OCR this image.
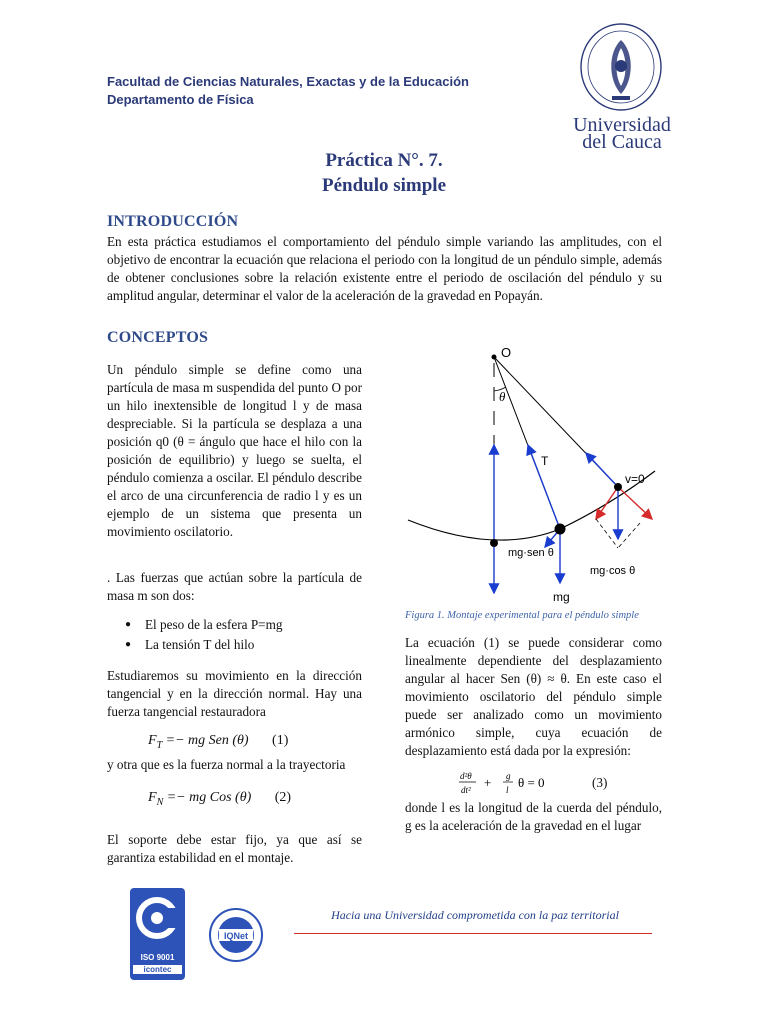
Facultad de Ciencias Naturales, Exactas y de la Educación
Departamento de Física
Universidad
del Cauca
Práctica N°. 7.
Péndulo simple
INTRODUCCIÓN
En esta práctica estudiamos el comportamiento del péndulo simple variando las amplitudes, con el objetivo de encontrar la ecuación que relaciona el periodo con la longitud de un péndulo simple, además de obtener conclusiones sobre la relación existente entre el periodo de oscilación del péndulo y su amplitud angular, determinar el valor de la aceleración de la gravedad en Popayán.
CONCEPTOS
Un péndulo simple se define como una partícula de masa m suspendida del punto O por un hilo inextensible de longitud l y de masa despreciable. Si la partícula se desplaza a una posición q0 (θ = ángulo que hace el hilo con la posición de equilibrio) y luego se suelta, el péndulo comienza a oscilar. El péndulo describe el arco de una circunferencia de radio l y es un ejemplo de un sistema que presenta un movimiento oscilatorio.
. Las fuerzas que actúan sobre la partícula de masa m son dos:
● El peso de la esfera P=mg
● La tensión T del hilo
Estudiaremos su movimiento en la dirección tangencial y en la dirección normal. Hay una fuerza tangencial restauradora
$F_T$ =− mg Sen (θ) (1)
y otra que es la fuerza normal a la trayectoria
$F_N$ =− mg Cos (θ) (2)
El soporte debe estar fijo, ya que así se garantiza estabilidad en el montaje.
O
θ
T
v=0
mg·sen θ
mg
mg·cos θ
Figura 1. Montaje experimental para el péndulo simple
La ecuación (1) se puede considerar como linealmente dependiente del desplazamiento angular al hacer Sen (θ) ≈ θ. En este caso el movimiento oscilatorio del péndulo simple puede ser analizado como un movimiento armónico simple, cuya ecuación de desplazamiento está dada por la expresión:
d²θ
dt² + g
l θ = 0	(3)
donde l es la longitud de la cuerda del péndulo, g es la aceleración de la gravedad en el lugar
ISO 9001
icontec
IQNet
Hacia una Universidad comprometida con la paz territorial
